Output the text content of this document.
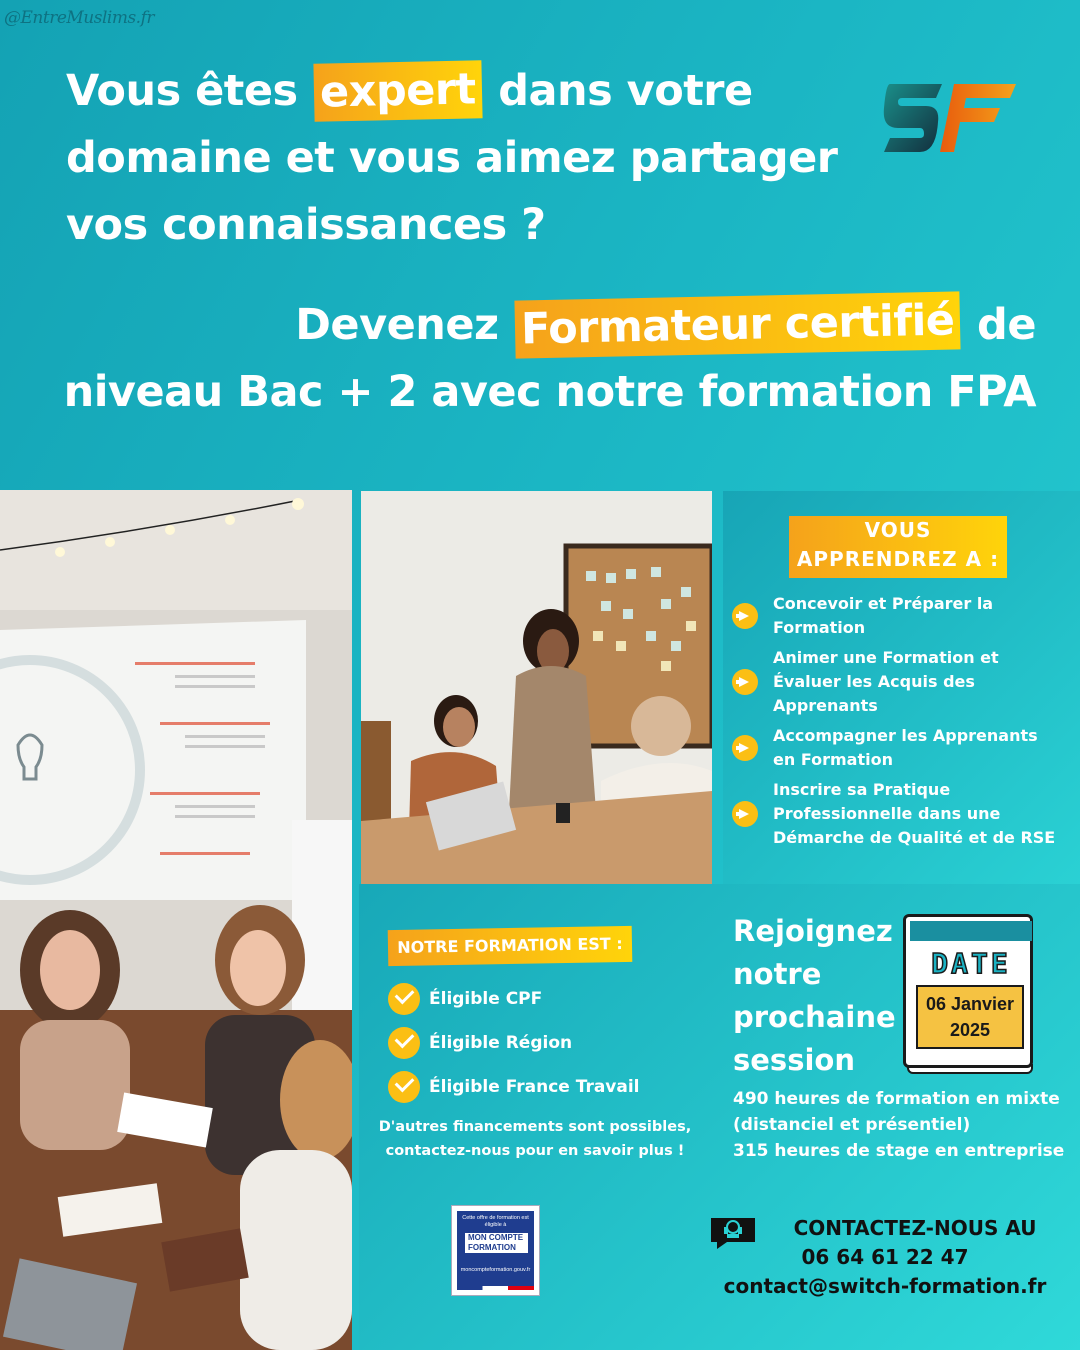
@EntreMuslims.fr
Vous êtes expert dans votre domaine et vous aimez partager vos connaissances ?
Devenez Formateur certifié de
niveau Bac + 2 avec notre formation FPA
VOUS APPRENDREZ A :
Concevoir et Préparer la Formation
Animer une Formation et Évaluer les Acquis des Apprenants
Accompagner les Apprenants en Formation
Inscrire sa Pratique Professionnelle dans une Démarche de Qualité et de RSE
NOTRE FORMATION EST :
Éligible CPF
Éligible Région
Éligible France Travail
D'autres financements sont possibles, contactez-nous pour en savoir plus !
Rejoignez notre prochaine session
DATE
06 Janvier
2025
490 heures de formation en mixte
(distanciel et présentiel)
315 heures de stage en entreprise
Cette offre de formation est éligible à
MON COMPTE FORMATION
moncompteformation.gouv.fr
CONTACTEZ-NOUS AU
06 64 61 22 47
contact@switch-formation.fr
